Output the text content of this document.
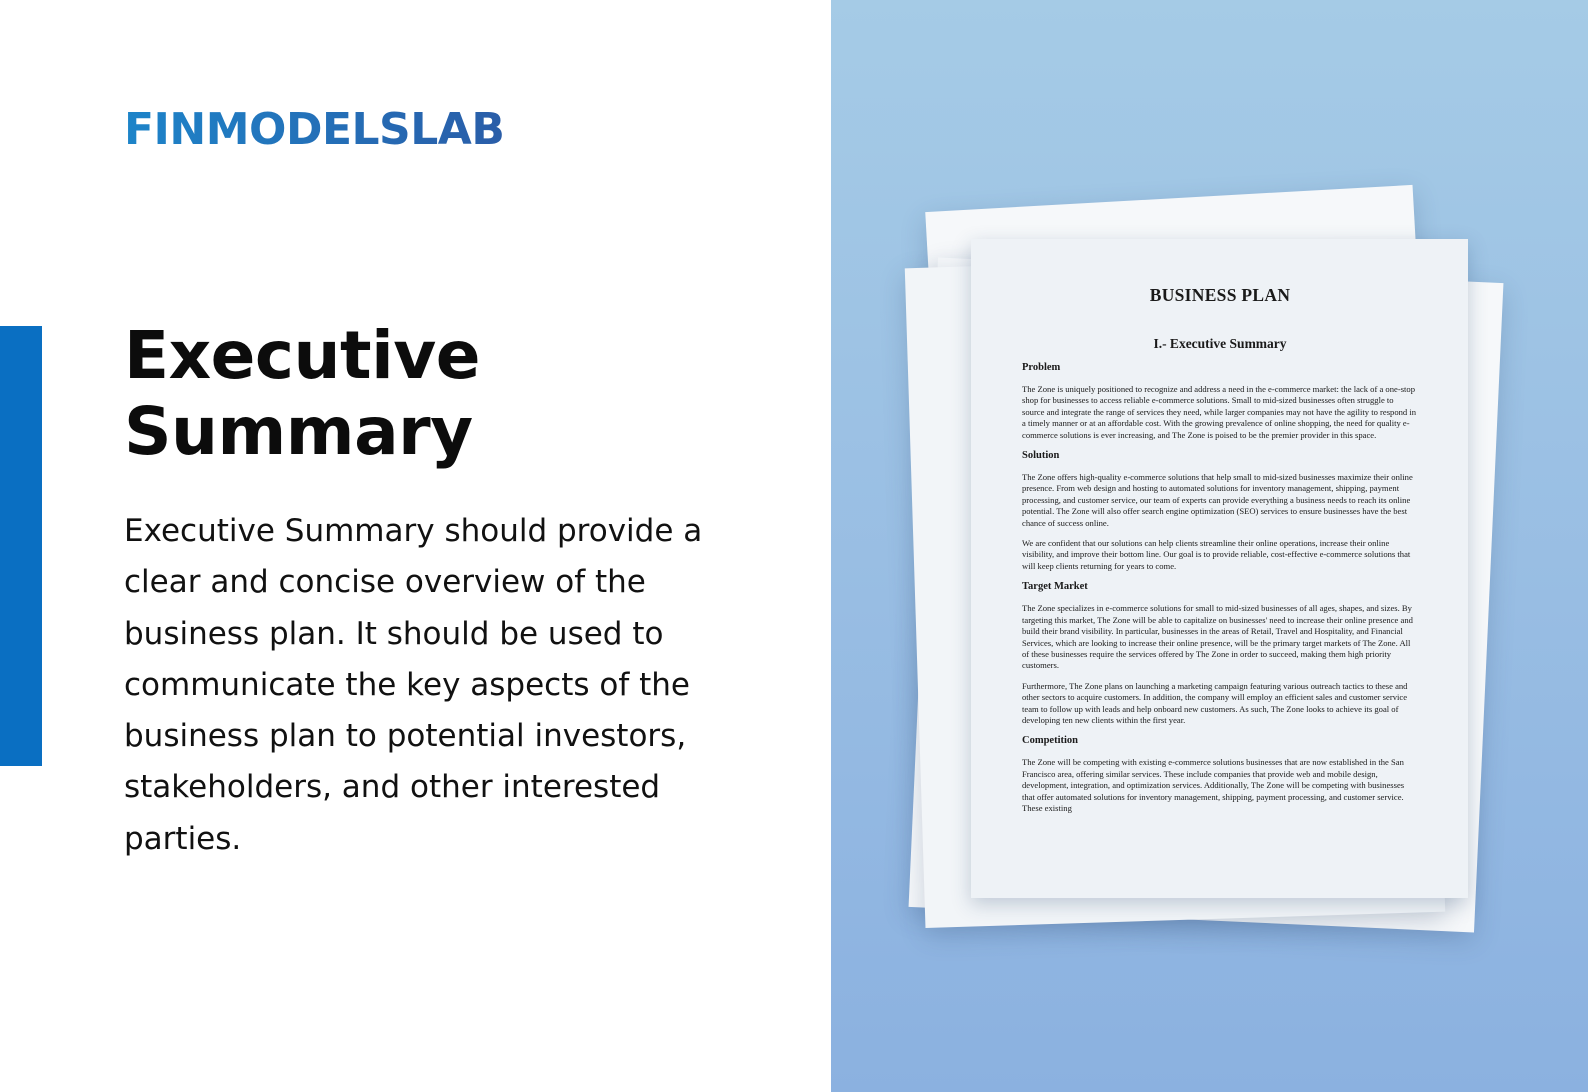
FINMODELSLAB
Executive
Summary

Executive Summary should provide a clear and concise overview of the business plan. It should be used to communicate the key aspects of the business plan to potential investors, stakeholders, and other interested parties.

BUSINESS PLAN
I.- Executive Summary
Problem

The Zone is uniquely positioned to recognize and address a need in the e-commerce market: the lack of a one-stop shop for businesses to access reliable e-commerce solutions. Small to mid-sized businesses often struggle to source and integrate the range of services they need, while larger companies may not have the agility to respond in a timely manner or at an affordable cost. With the growing prevalence of online shopping, the need for quality e-commerce solutions is ever increasing, and The Zone is poised to be the premier provider in this space.

Solution

The Zone offers high-quality e-commerce solutions that help small to mid-sized businesses maximize their online presence. From web design and hosting to automated solutions for inventory management, shipping, payment processing, and customer service, our team of experts can provide everything a business needs to reach its online potential. The Zone will also offer search engine optimization (SEO) services to ensure businesses have the best chance of success online.

We are confident that our solutions can help clients streamline their online operations, increase their online visibility, and improve their bottom line. Our goal is to provide reliable, cost-effective e-commerce solutions that will keep clients returning for years to come.

Target Market

The Zone specializes in e-commerce solutions for small to mid-sized businesses of all ages, shapes, and sizes. By targeting this market, The Zone will be able to capitalize on businesses' need to increase their online presence and build their brand visibility. In particular, businesses in the areas of Retail, Travel and Hospitality, and Financial Services, which are looking to increase their online presence, will be the primary target markets of The Zone. All of these businesses require the services offered by The Zone in order to succeed, making them high priority customers.

Furthermore, The Zone plans on launching a marketing campaign featuring various outreach tactics to these and other sectors to acquire customers. In addition, the company will employ an efficient sales and customer service team to follow up with leads and help onboard new customers. As such, The Zone looks to achieve its goal of developing ten new clients within the first year.

Competition

The Zone will be competing with existing e-commerce solutions businesses that are now established in the San Francisco area, offering similar services. These include companies that provide web and mobile design, development, integration, and optimization services. Additionally, The Zone will be competing with businesses that offer automated solutions for inventory management, shipping, payment processing, and customer service. These existing
